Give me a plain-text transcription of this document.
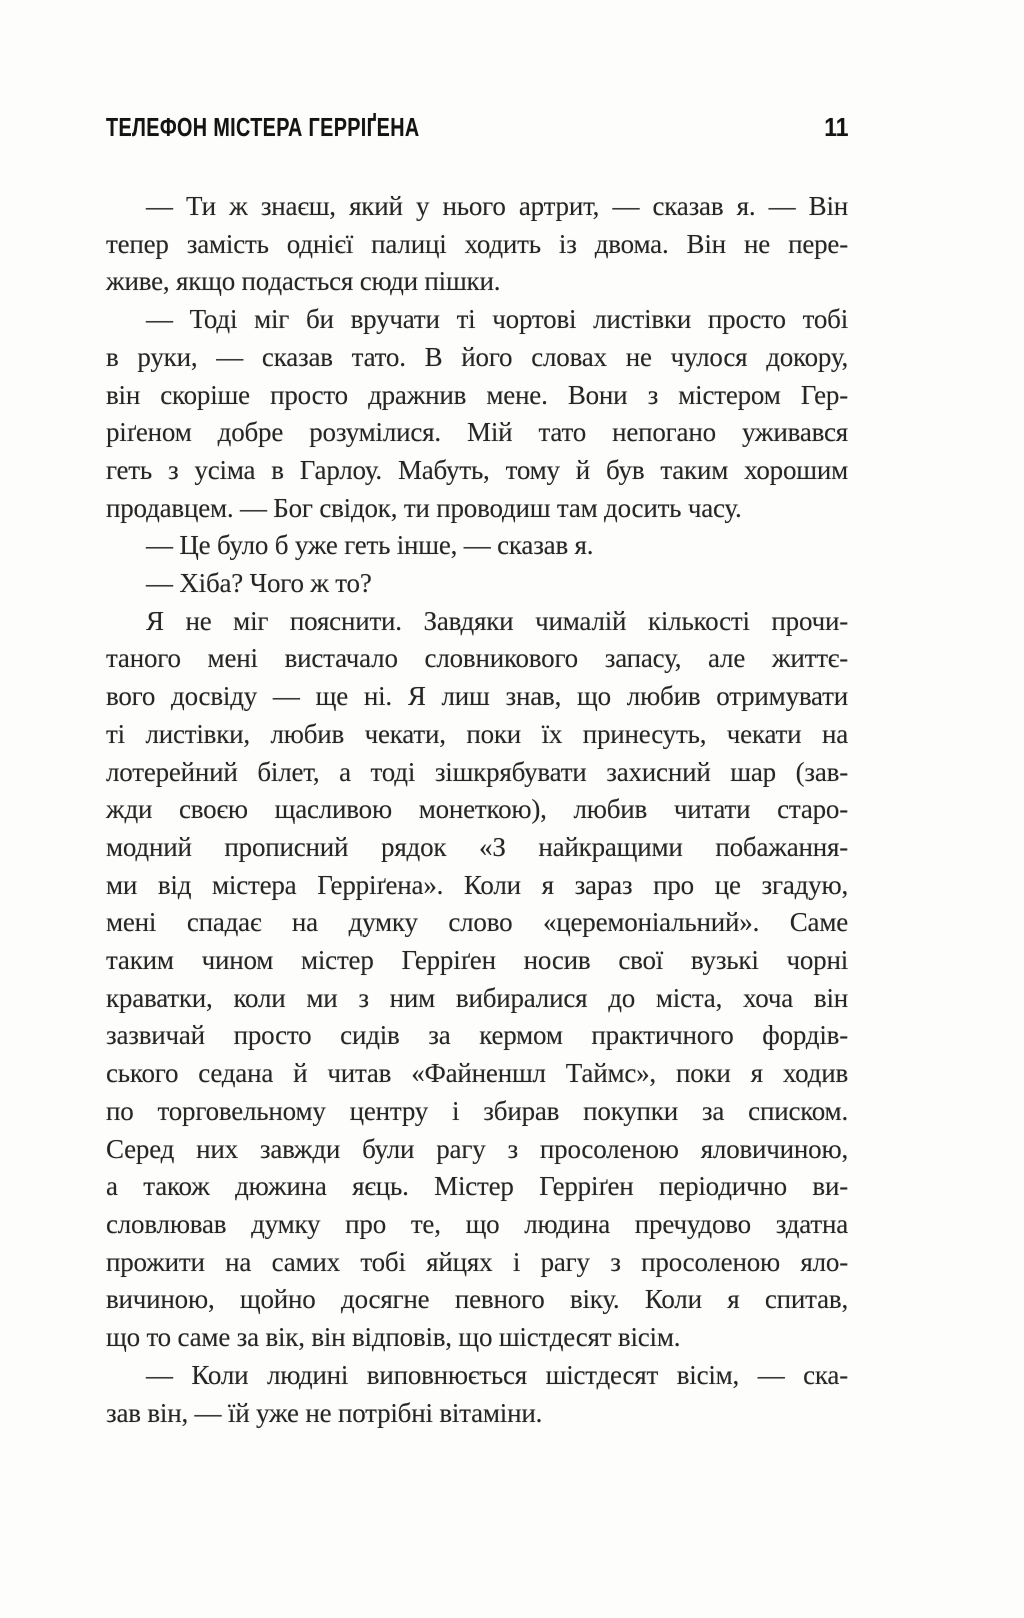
ТЕЛЕФОН МІСТЕРА ГЕРРІҐЕНА	11

— Ти ж знаєш, який у нього артрит, — сказав я. — Він
тепер замість однієї палиці ходить із двома. Він не пере-
живе, якщо подасться сюди пішки.

— Тоді міг би вручати ті чортові листівки просто тобі
в руки, — сказав тато. В його словах не чулося докору,
він скоріше просто дражнив мене. Вони з містером Гер-
ріґеном добре розумілися. Мій тато непогано уживався
геть з усіма в Гарлоу. Мабуть, тому й був таким хорошим
продавцем. — Бог свідок, ти проводиш там досить часу.

— Це було б уже геть інше, — сказав я.

— Хіба? Чого ж то?

Я не міг пояснити. Завдяки чималій кількості прочи-
таного мені вистачало словникового запасу, але життє-
вого досвіду — ще ні. Я лиш знав, що любив отримувати
ті листівки, любив чекати, поки їх принесуть, чекати на
лотерейний білет, а тоді зішкрябувати захисний шар (зав-
жди своєю щасливою монеткою), любив читати старо-
модний прописний рядок «З найкращими побажання-
ми від містера Герріґена». Коли я зараз про це згадую,
мені спадає на думку слово «церемоніальний». Саме
таким чином містер Герріґен носив свої вузькі чорні
краватки, коли ми з ним вибиралися до міста, хоча він
зазвичай просто сидів за кермом практичного фордів-
ського седана й читав «Файненшл Таймс», поки я ходив
по торговельному центру і збирав покупки за списком.
Серед них завжди були рагу з просоленою яловичиною,
а також дюжина яєць. Містер Герріґен періодично ви-
словлював думку про те, що людина пречудово здатна
прожити на самих тобі яйцях і рагу з просоленою яло-
вичиною, щойно досягне певного віку. Коли я спитав,
що то саме за вік, він відповів, що шістдесят вісім.

— Коли людині виповнюється шістдесят вісім, — ска-
зав він, — їй уже не потрібні вітаміни.
